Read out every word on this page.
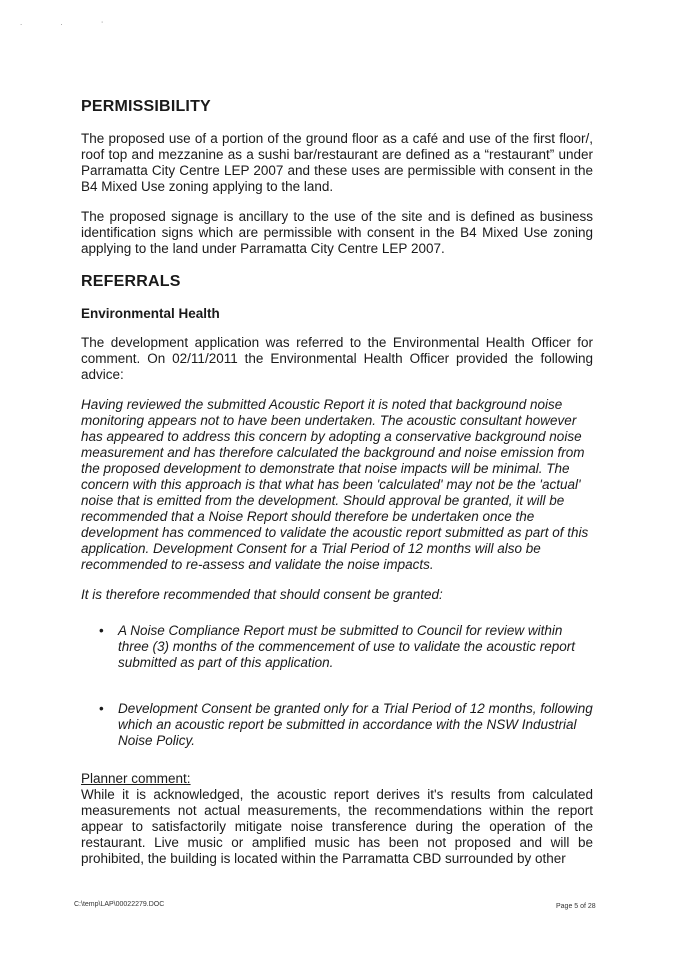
. . ‧
PERMISSIBILITY

The proposed use of a portion of the ground floor as a café and use of the first floor/, roof top and mezzanine as a sushi bar/restaurant are defined as a “restaurant” under Parramatta City Centre LEP 2007 and these uses are permissible with consent in the B4 Mixed Use zoning applying to the land.

The proposed signage is ancillary to the use of the site and is defined as business identification signs which are permissible with consent in the B4 Mixed Use zoning applying to the land under Parramatta City Centre LEP 2007.

REFERRALS
Environmental Health

The development application was referred to the Environmental Health Officer for comment. On 02/11/2011 the Environmental Health Officer provided the following advice:

Having reviewed the submitted Acoustic Report it is noted that background noise monitoring appears not to have been undertaken. The acoustic consultant however has appeared to address this concern by adopting a conservative background noise measurement and has therefore calculated the background and noise emission from the proposed development to demonstrate that noise impacts will be minimal. The concern with this approach is that what has been 'calculated' may not be the 'actual' noise that is emitted from the development. Should approval be granted, it will be recommended that a Noise Report should therefore be undertaken once the development has commenced to validate the acoustic report submitted as part of this application. Development Consent for a Trial Period of 12 months will also be recommended to re-assess and validate the noise impacts.

It is therefore recommended that should consent be granted:

• A Noise Compliance Report must be submitted to Council for review within three (3) months of the commencement of use to validate the acoustic report submitted as part of this application.
• Development Consent be granted only for a Trial Period of 12 months, following which an acoustic report be submitted in accordance with the NSW Industrial Noise Policy.
Planner comment:

While it is acknowledged, the acoustic report derives it's results from calculated measurements not actual measurements, the recommendations within the report appear to satisfactorily mitigate noise transference during the operation of the restaurant. Live music or amplified music has been not proposed and will be prohibited, the building is located within the Parramatta CBD surrounded by other

C:\temp\LAP\00022279.DOC	Page 5 of 28
